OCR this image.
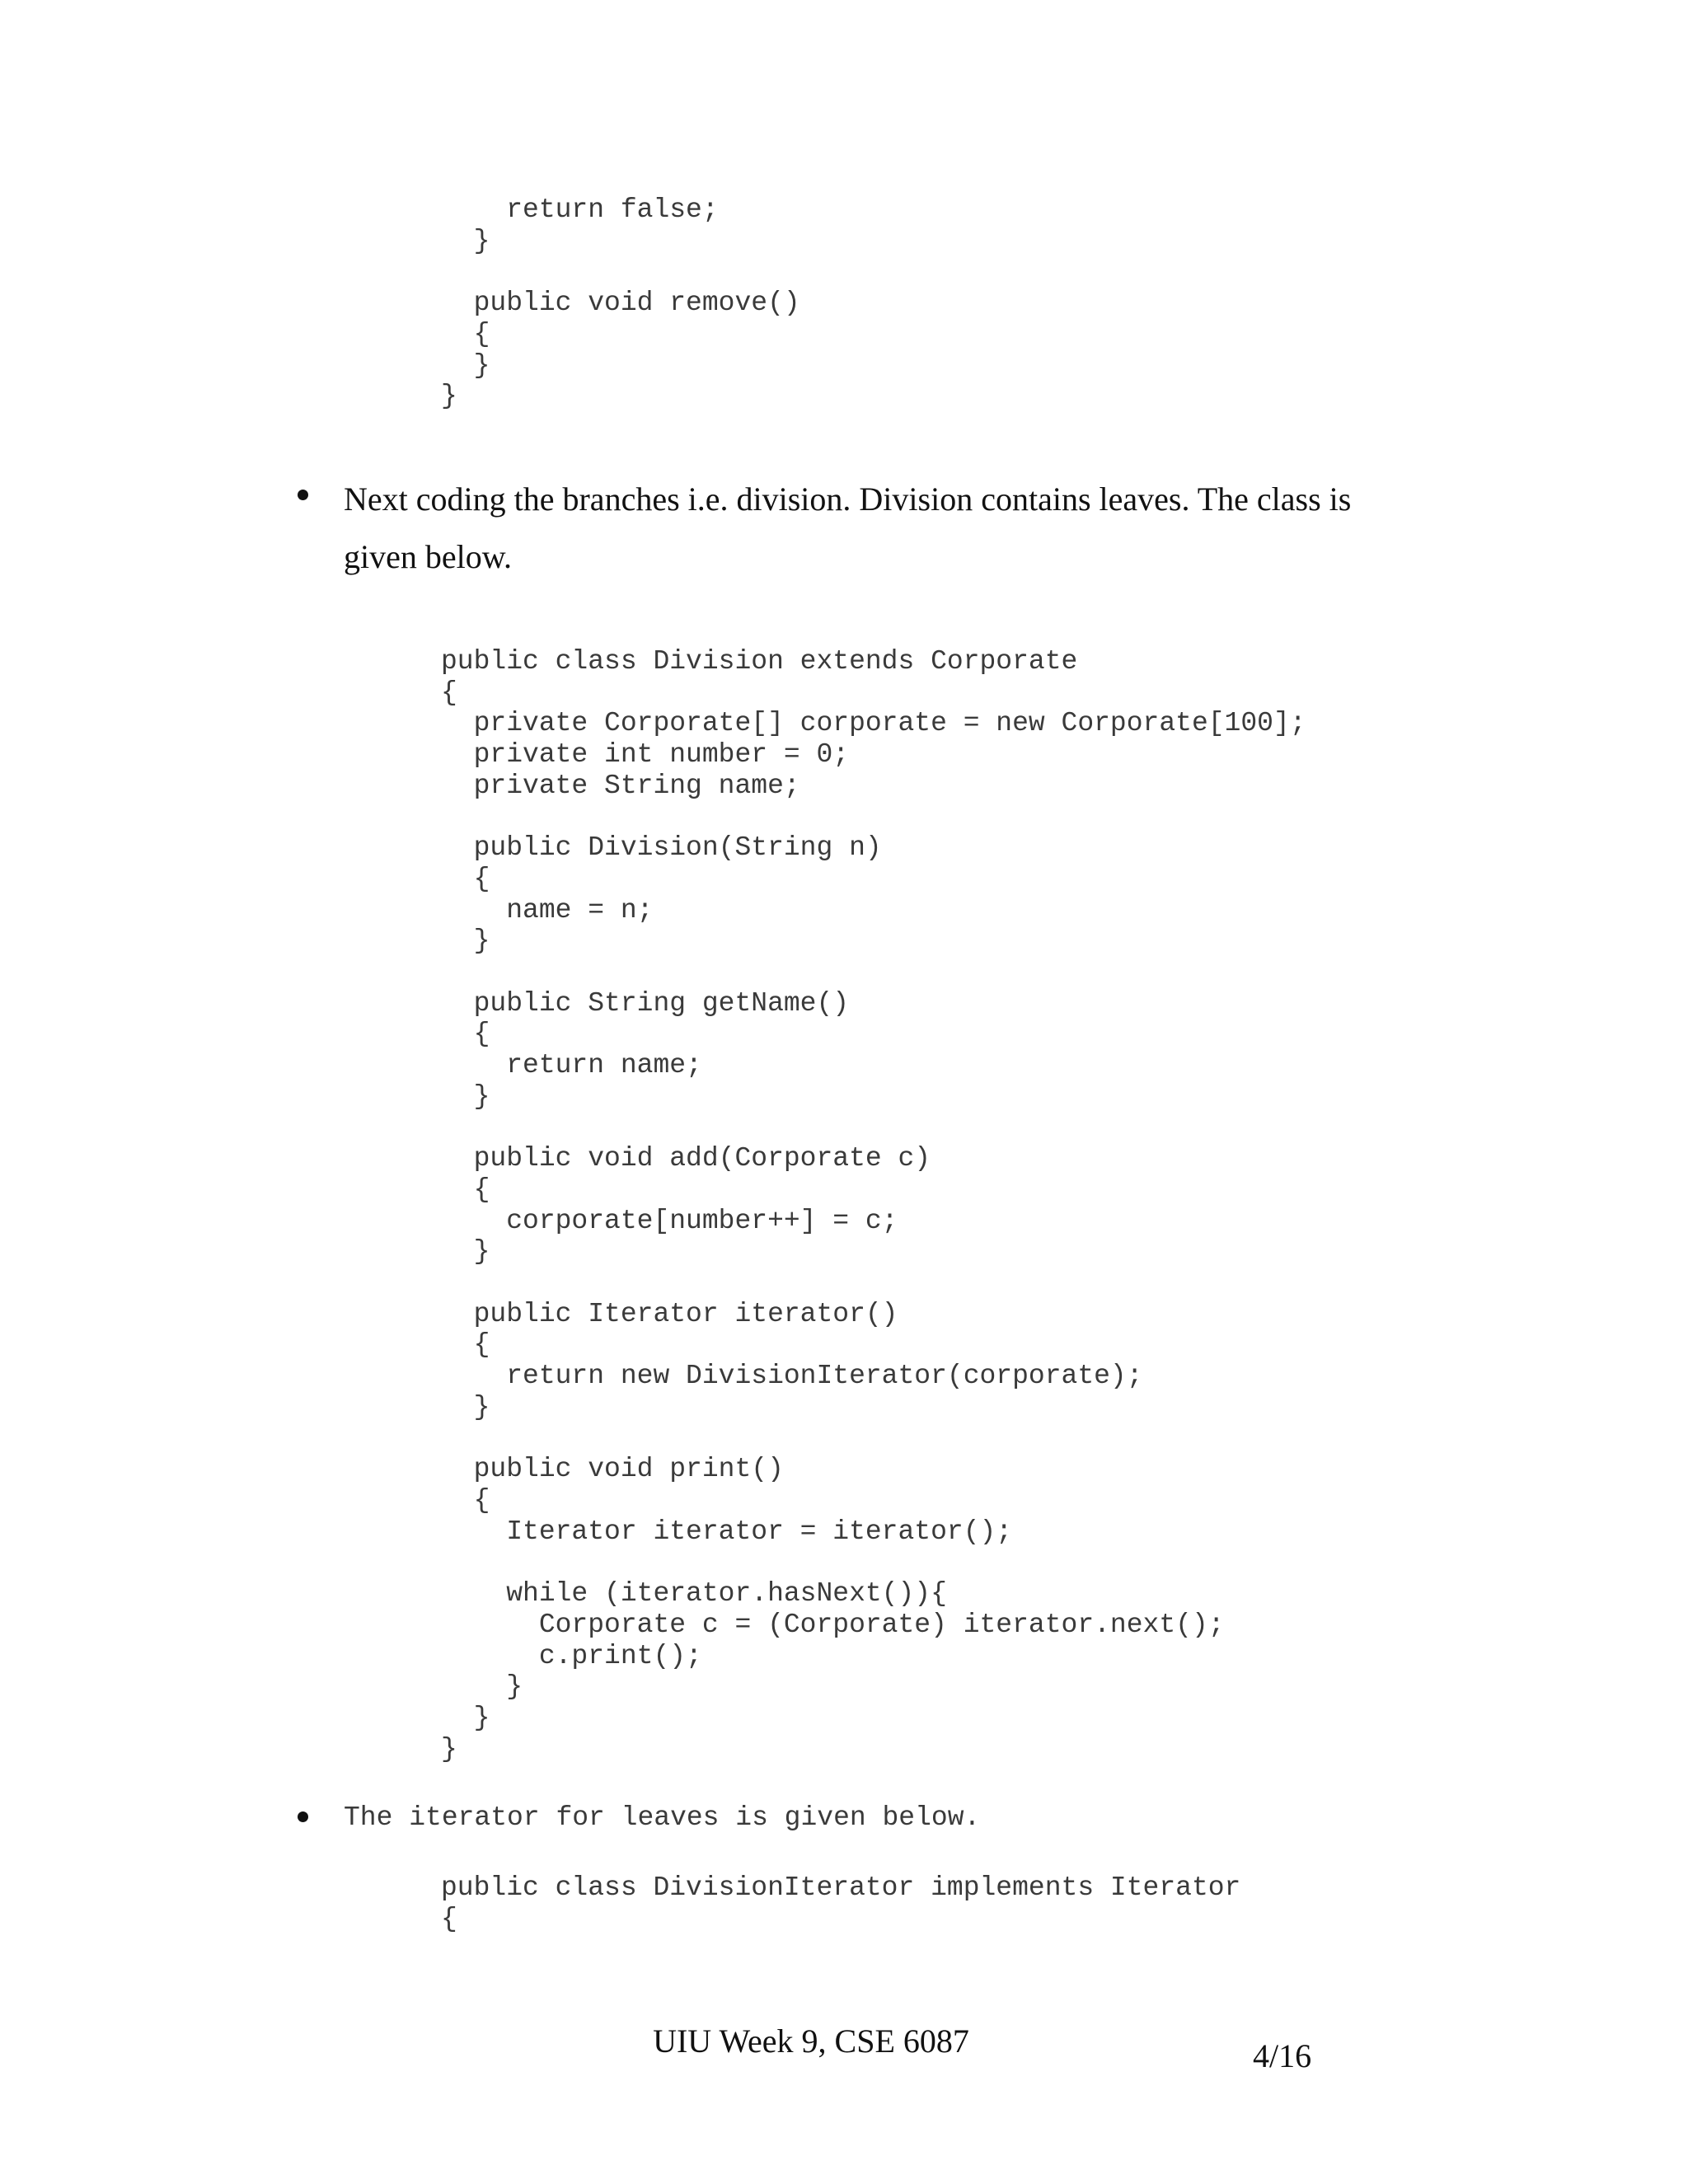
return false;
}

public void remove()
{
}
}
Next coding the branches i.e. division. Division contains leaves. The class is given below.
public class Division extends Corporate
{
private Corporate[] corporate = new Corporate[100];
private int number = 0;
private String name;

public Division(String n)
{
name = n;
}

public String getName()
{
return name;
}

public void add(Corporate c)
{
corporate[number++] = c;
}

public Iterator iterator()
{
return new DivisionIterator(corporate);
}

public void print()
{
Iterator iterator = iterator();

while (iterator.hasNext()){
Corporate c = (Corporate) iterator.next();
c.print();
}
}
}
The iterator for leaves is given below.
public class DivisionIterator implements Iterator
{
UIU Week 9, CSE 6087	4/16
